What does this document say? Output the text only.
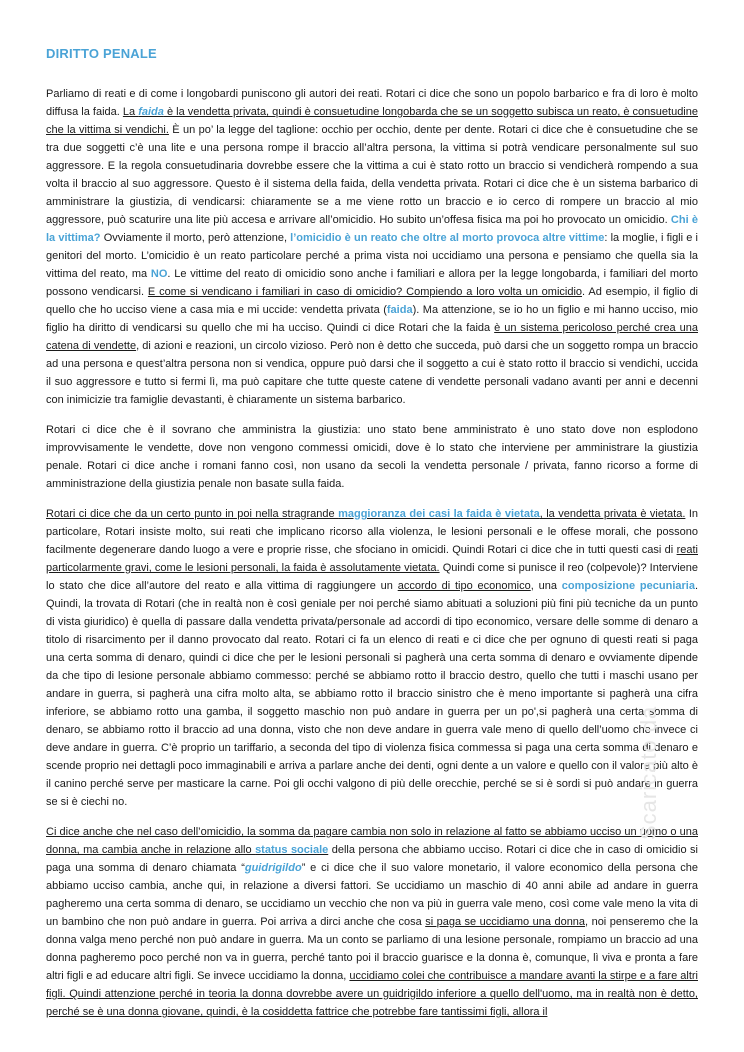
DIRITTO PENALE

Parliamo di reati e di come i longobardi puniscono gli autori dei reati. Rotari ci dice che sono un popolo barbarico e fra di loro è molto diffusa la faida. La faida è la vendetta privata, quindi è consuetudine longobarda che se un soggetto subisca un reato, è consuetudine che la vittima si vendichi. È un po’ la legge del taglione: occhio per occhio, dente per dente. Rotari ci dice che è consuetudine che se tra due soggetti c’è una lite e una persona rompe il braccio all’altra persona, la vittima si potrà vendicare personalmente sul suo aggressore. E la regola consuetudinaria dovrebbe essere che la vittima a cui è stato rotto un braccio si vendicherà rompendo a sua volta il braccio al suo aggressore. Questo è il sistema della faida, della vendetta privata. Rotari ci dice che è un sistema barbarico di amministrare la giustizia, di vendicarsi: chiaramente se a me viene rotto un braccio e io cerco di rompere un braccio al mio aggressore, può scaturire una lite più accesa e arrivare all’omicidio. Ho subito un’offesa fisica ma poi ho provocato un omicidio. Chi è la vittima? Ovviamente il morto, però attenzione, l’omicidio è un reato che oltre al morto provoca altre vittime: la moglie, i figli e i genitori del morto. L’omicidio è un reato particolare perché a prima vista noi uccidiamo una persona e pensiamo che quella sia la vittima del reato, ma NO. Le vittime del reato di omicidio sono anche i familiari e allora per la legge longobarda, i familiari del morto possono vendicarsi. E come si vendicano i familiari in caso di omicidio? Compiendo a loro volta un omicidio. Ad esempio, il figlio di quello che ho ucciso viene a casa mia e mi uccide: vendetta privata (faida). Ma attenzione, se io ho un figlio e mi hanno ucciso, mio figlio ha diritto di vendicarsi su quello che mi ha ucciso. Quindi ci dice Rotari che la faida è un sistema pericoloso perché crea una catena di vendette, di azioni e reazioni, un circolo vizioso. Però non è detto che succeda, può darsi che un soggetto rompa un braccio ad una persona e quest’altra persona non si vendica, oppure può darsi che il soggetto a cui è stato rotto il braccio si vendichi, uccida il suo aggressore e tutto si fermi lì, ma può capitare che tutte queste catene di vendette personali vadano avanti per anni e decenni con inimicizie tra famiglie devastanti, è chiaramente un sistema barbarico.

Rotari ci dice che è il sovrano che amministra la giustizia: uno stato bene amministrato è uno stato dove non esplodono improvvisamente le vendette, dove non vengono commessi omicidi, dove è lo stato che interviene per amministrare la giustizia penale. Rotari ci dice anche i romani fanno così, non usano da secoli la vendetta personale / privata, fanno ricorso a forme di amministrazione della giustizia penale non basate sulla faida.

Rotari ci dice che da un certo punto in poi nella stragrande maggioranza dei casi la faida è vietata, la vendetta privata è vietata. In particolare, Rotari insiste molto, sui reati che implicano ricorso alla violenza, le lesioni personali e le offese morali, che possono facilmente degenerare dando luogo a vere e proprie risse, che sfociano in omicidi. Quindi Rotari ci dice che in tutti questi casi di reati particolarmente gravi, come le lesioni personali, la faida è assolutamente vietata. Quindi come si punisce il reo (colpevole)? Interviene lo stato che dice all’autore del reato e alla vittima di raggiungere un accordo di tipo economico, una composizione pecuniaria. Quindi, la trovata di Rotari (che in realtà non è così geniale per noi perché siamo abituati a soluzioni più fini più tecniche da un punto di vista giuridico) è quella di passare dalla vendetta privata/personale ad accordi di tipo economico, versare delle somme di denaro a titolo di risarcimento per il danno provocato dal reato. Rotari ci fa un elenco di reati e ci dice che per ognuno di questi reati si paga una certa somma di denaro, quindi ci dice che per le lesioni personali si pagherà una certa somma di denaro e ovviamente dipende da che tipo di lesione personale abbiamo commesso: perché se abbiamo rotto il braccio destro, quello che tutti i maschi usano per andare in guerra, si pagherà una cifra molto alta, se abbiamo rotto il braccio sinistro che è meno importante si pagherà una cifra inferiore, se abbiamo rotto una gamba, il soggetto maschio non può andare in guerra per un po',si pagherà una certa somma di denaro, se abbiamo rotto il braccio ad una donna, visto che non deve andare in guerra vale meno di quello dell’uomo che invece ci deve andare in guerra. C’è proprio un tariffario, a seconda del tipo di violenza fisica commessa si paga una certa somma di denaro e scende proprio nei dettagli poco immaginabili e arriva a parlare anche dei denti, ogni dente a un valore e quello con il valore più alto è il canino perché serve per masticare la carne. Poi gli occhi valgono di più delle orecchie, perché se si è sordi si può andare in guerra se si è ciechi no.

Ci dice anche che nel caso dell’omicidio, la somma da pagare cambia non solo in relazione al fatto se abbiamo ucciso un uomo o una donna, ma cambia anche in relazione allo status sociale della persona che abbiamo ucciso. Rotari ci dice che in caso di omicidio si paga una somma di denaro chiamata “guidrigildo” e ci dice che il suo valore monetario, il valore economico della persona che abbiamo ucciso cambia, anche qui, in relazione a diversi fattori. Se uccidiamo un maschio di 40 anni abile ad andare in guerra pagheremo una certa somma di denaro, se uccidiamo un vecchio che non va più in guerra vale meno, così come vale meno la vita di un bambino che non può andare in guerra. Poi arriva a dirci anche che cosa si paga se uccidiamo una donna, noi penseremo che la donna valga meno perché non può andare in guerra. Ma un conto se parliamo di una lesione personale, rompiamo un braccio ad una donna pagheremo poco perché non va in guerra, perché tanto poi il braccio guarisce e la donna è, comunque, lì viva e pronta a fare altri figli e ad educare altri figli. Se invece uccidiamo la donna, uccidiamo colei che contribuisce a mandare avanti la stirpe e a fare altri figli. Quindi attenzione perché in teoria la donna dovrebbe avere un guidrigildo inferiore a quello dell'uomo, ma in realtà non è detto, perché se è una donna giovane, quindi, è la cosiddetta fattrice che potrebbe fare tantissimi figli, allora il

Scaricato da
